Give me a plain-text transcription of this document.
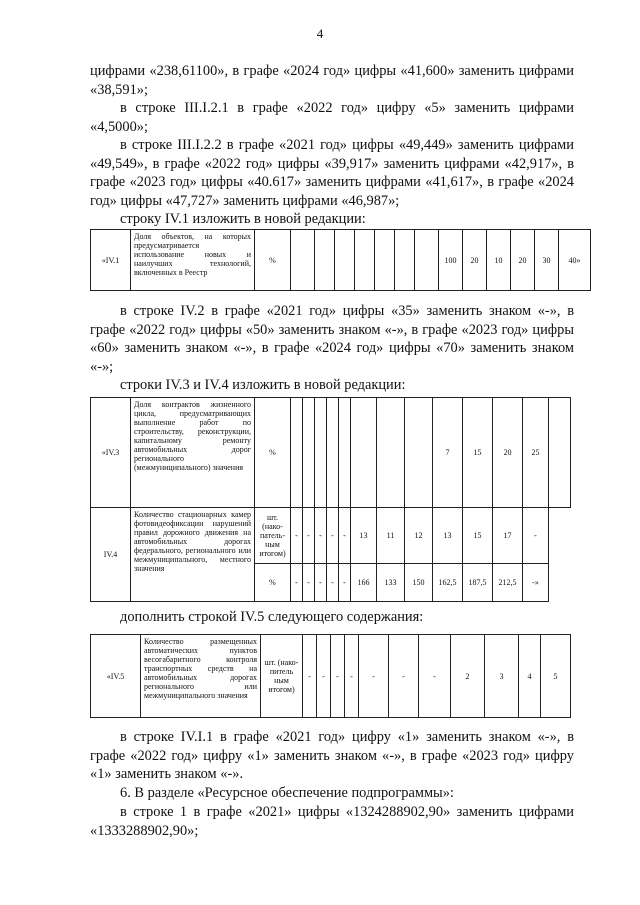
4

цифрами «238,61100», в графе «2024 год» цифры «41,600» заменить цифрами «38,591»;

в строке III.I.2.1 в графе «2022 год» цифру «5» заменить цифрами «4,5000»;

в строке III.I.2.2 в графе «2021 год» цифры «49,449» заменить цифрами «49,549», в графе «2022 год» цифры «39,917» заменить цифрами «42,917», в графе «2023 год» цифры «40.617» заменить цифрами «41,617», в графе «2024 год» цифры «47,727» заменить цифрами «46,987»;

строку IV.1 изложить в новой редакции:

«IV.1	Доля объектов, на которых предусматривается использование новых и наилучших технологий, включенных в Реестр	%								100	20	10	20	30	40»

в строке IV.2 в графе «2021 год» цифры «35» заменить знаком «-», в графе «2022 год» цифры «50» заменить знаком «-», в графе «2023 год» цифры «60» заменить знаком «-», в графе «2024 год» цифры «70» заменить знаком «-»;

строки IV.3 и IV.4 изложить в новой редакции:

«IV.3	Доля контрактов жизненного цикла, предусматривающих выполнение работ по строительству, реконструкции, капитальному ремонту автомобильных дорог регионального (межмуниципального) значения	%									7	15	20	25	
IV.4	Количество стационарных камер фотовидеофиксации нарушений правил дорожного движения на автомобильных дорогах федерального, регионального или межмуниципального, местного значения	шт. (нако-патель-ным итогом)	-	-	-	-	-	13	11	12	13	15	17	-	
		%	-	-	-	-	-	166	133	150	162,5	187,5	212,5	-»	

дополнить строкой IV.5 следующего содержания:

«IV.5	Количество размещенных автоматических пунктов весогабаритного контроля транспортных средств на автомобильных дорогах регионального или межмуниципального значения	шт. (нако-питель ным итогом)	-	-	-	-	-	-	-	2	3	4	5	

в строке IV.I.1 в графе «2021 год» цифру «1» заменить знаком «-», в графе «2022 год» цифру «1» заменить знаком «-», в графе «2023 год» цифру «1» заменить знаком «-».

6. В разделе «Ресурсное обеспечение подпрограммы»:

в строке 1 в графе «2021» цифры «1324288902,90» заменить цифрами «1333288902,90»;
